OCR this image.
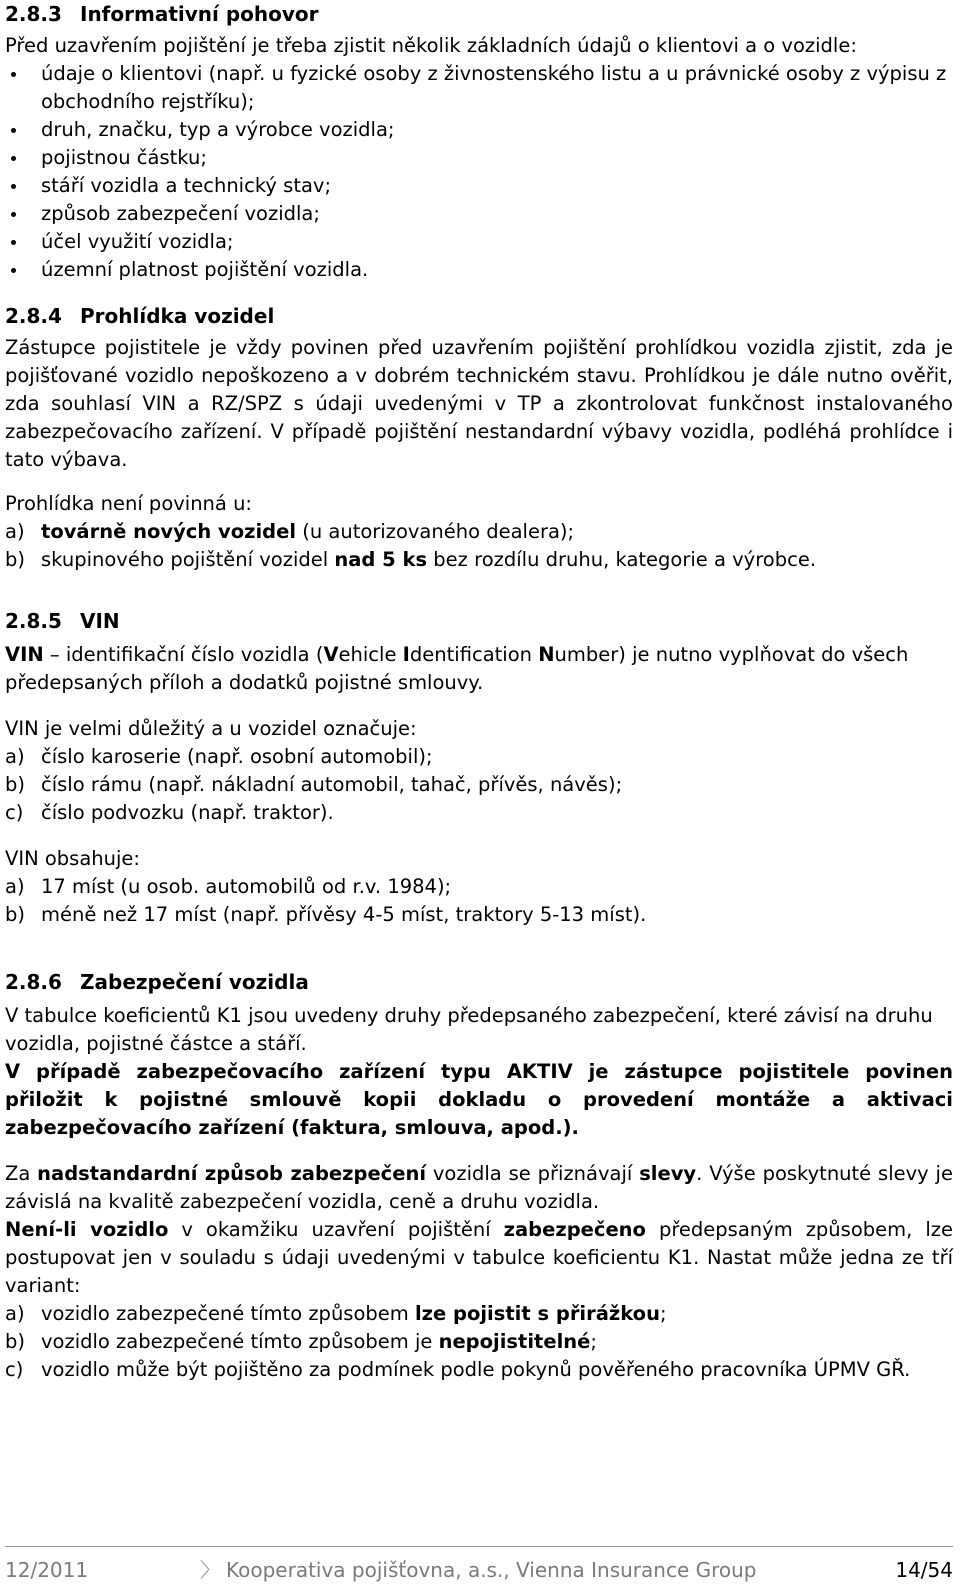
2.8.3 Informativní pohovor

Před uzavřením pojištění je třeba zjistit několik základních údajů o klientovi a o vozidle:

údaje o klientovi (např. u fyzické osoby z živnostenského listu a u právnické osoby z výpisu z obchodního rejstříku);
druh, značku, typ a výrobce vozidla;
pojistnou částku;
stáří vozidla a technický stav;
způsob zabezpečení vozidla;
účel využití vozidla;
územní platnost pojištění vozidla.

2.8.4 Prohlídka vozidel

Zástupce pojistitele je vždy povinen před uzavřením pojištění prohlídkou vozidla zjistit, zda je pojišťované vozidlo nepoškozeno a v dobrém technickém stavu. Prohlídkou je dále nutno ověřit, zda souhlasí VIN a RZ/SPZ s údaji uvedenými v TP a zkontrolovat funkčnost instalovaného zabezpečovacího zařízení. V případě pojištění nestandardní výbavy vozidla, podléhá prohlídce i tato výbava.

Prohlídka není povinná u:

a) továrně nových vozidel (u autorizovaného dealera);
b) skupinového pojištění vozidel nad 5 ks bez rozdílu druhu, kategorie a výrobce.

2.8.5 VIN

VIN – identifikační číslo vozidla (Vehicle Identification Number) je nutno vyplňovat do všech předepsaných příloh a dodatků pojistné smlouvy.

VIN je velmi důležitý a u vozidel označuje:

a) číslo karoserie (např. osobní automobil);
b) číslo rámu (např. nákladní automobil, tahač, přívěs, návěs);
c) číslo podvozku (např. traktor).

VIN obsahuje:

a) 17 míst (u osob. automobilů od r.v. 1984);
b) méně než 17 míst (např. přívěsy 4-5 míst, traktory 5-13 míst).

2.8.6 Zabezpečení vozidla

V tabulce koeficientů K1 jsou uvedeny druhy předepsaného zabezpečení, které závisí na druhu vozidla, pojistné částce a stáří.

V případě zabezpečovacího zařízení typu AKTIV je zástupce pojistitele povinen přiložit k pojistné smlouvě kopii dokladu o provedení montáže a aktivaci zabezpečovacího zařízení (faktura, smlouva, apod.).

Za nadstandardní způsob zabezpečení vozidla se přiznávají slevy. Výše poskytnuté slevy je závislá na kvalitě zabezpečení vozidla, ceně a druhu vozidla.

Není-li vozidlo v okamžiku uzavření pojištění zabezpečeno předepsaným způsobem, lze postupovat jen v souladu s údaji uvedenými v tabulce koeficientu K1. Nastat může jedna ze tří variant:

a) vozidlo zabezpečené tímto způsobem lze pojistit s přirážkou;
b) vozidlo zabezpečené tímto způsobem je nepojistitelné;
c) vozidlo může být pojištěno za podmínek podle pokynů pověřeného pracovníka ÚPMV GŘ.
12/2011	〉 Kooperativa pojišťovna, a.s., Vienna Insurance Group	14/54
